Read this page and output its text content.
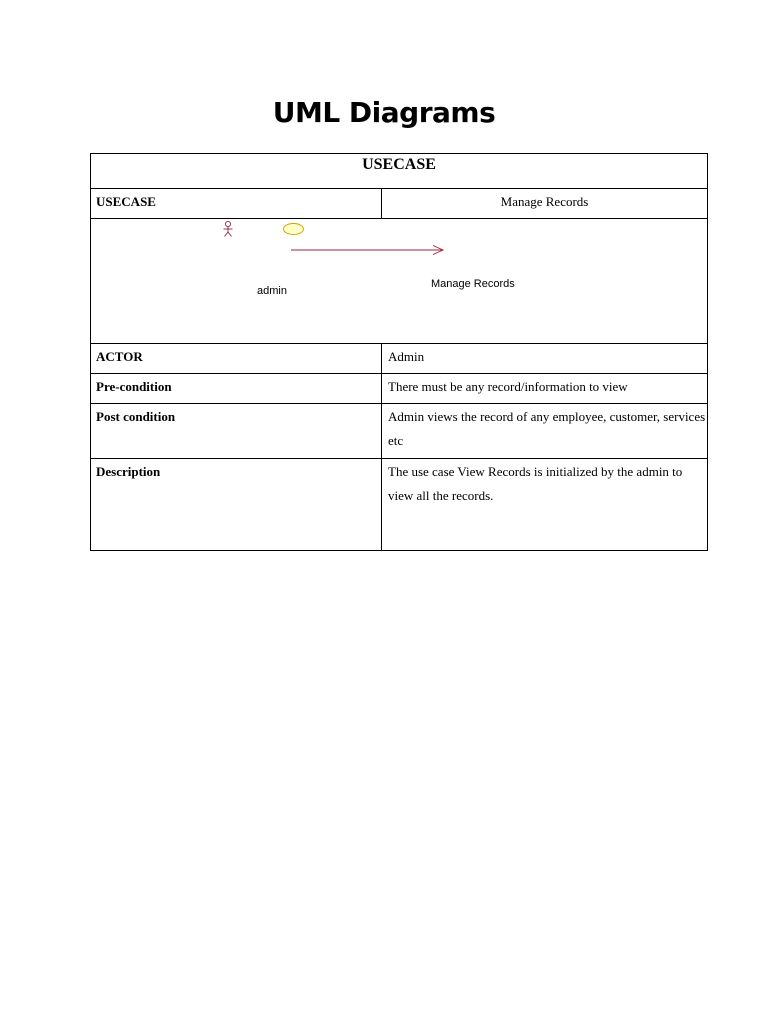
UML Diagrams
USECASE	
USECASE	Manage Records

admin
Manage Records	

ACTOR	Admin
Pre-condition	There must be any record/information to view
Post condition	Admin views the record of any employee, customer, services etc
Description	The use case View Records is initialized by the admin to view all the records.
